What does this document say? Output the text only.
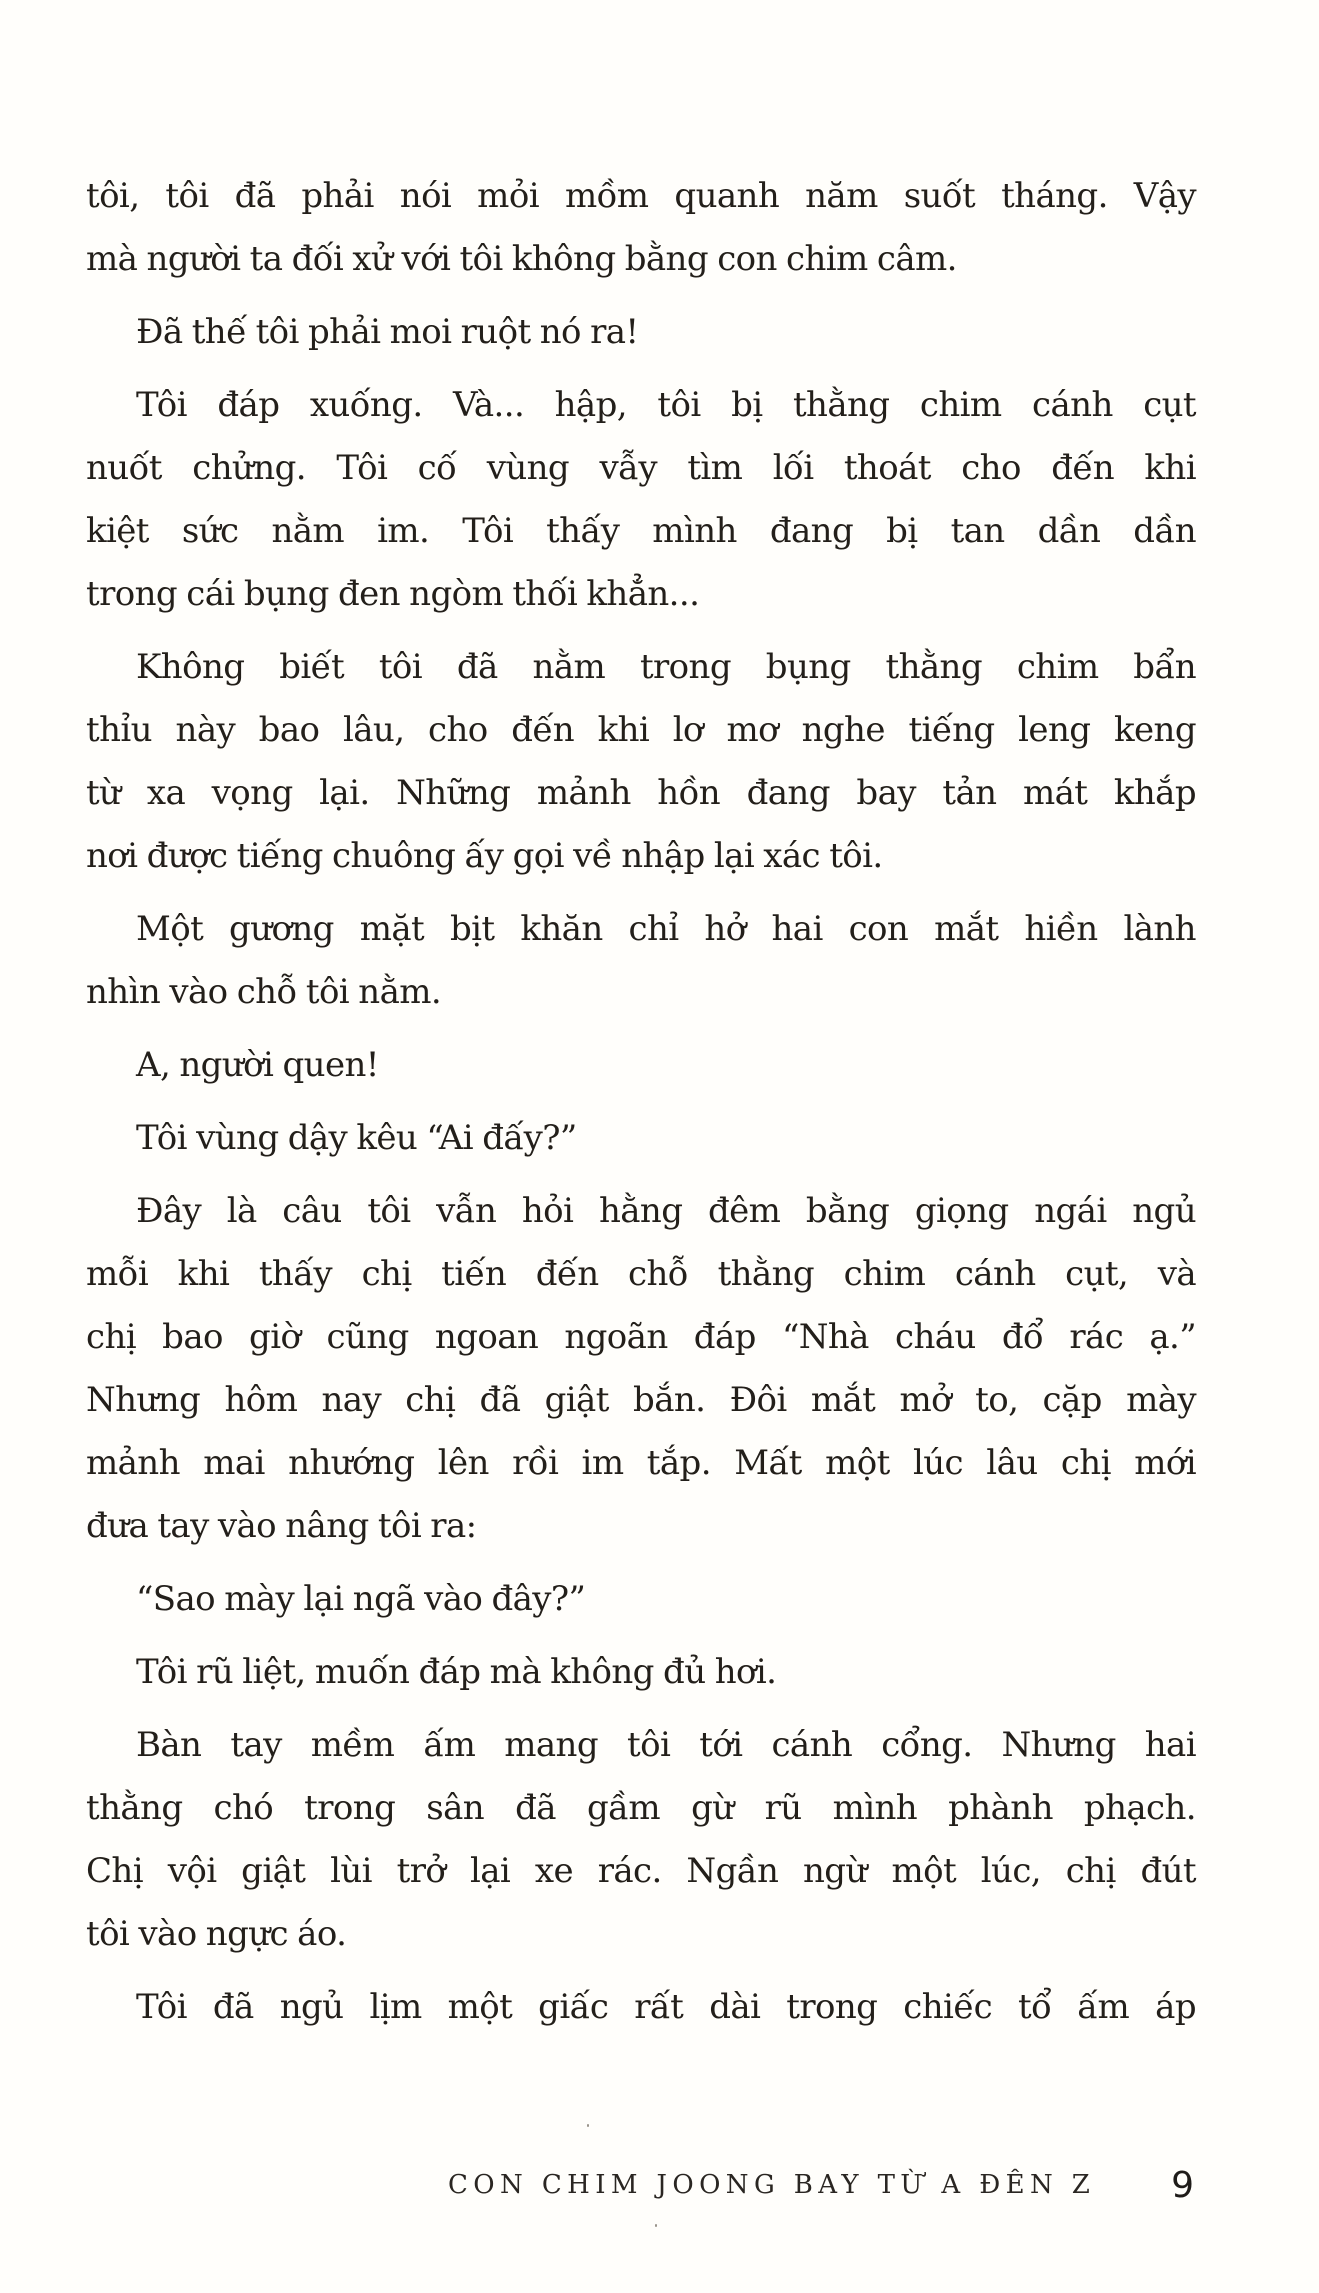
tôi, tôi đã phải nói mỏi mồm quanh năm suốt tháng. Vậy
mà người ta đối xử với tôi không bằng con chim câm.

Đã thế tôi phải moi ruột nó ra!

Tôi đáp xuống. Và... hập, tôi bị thằng chim cánh cụt
nuốt chửng. Tôi cố vùng vẫy tìm lối thoát cho đến khi
kiệt sức nằm im. Tôi thấy mình đang bị tan dần dần
trong cái bụng đen ngòm thối khẳn...

Không biết tôi đã nằm trong bụng thằng chim bẩn
thỉu này bao lâu, cho đến khi lơ mơ nghe tiếng leng keng
từ xa vọng lại. Những mảnh hồn đang bay tản mát khắp
nơi được tiếng chuông ấy gọi về nhập lại xác tôi.

Một gương mặt bịt khăn chỉ hở hai con mắt hiền lành
nhìn vào chỗ tôi nằm.

A, người quen!

Tôi vùng dậy kêu “Ai đấy?”

Đây là câu tôi vẫn hỏi hằng đêm bằng giọng ngái ngủ
mỗi khi thấy chị tiến đến chỗ thằng chim cánh cụt, và
chị bao giờ cũng ngoan ngoãn đáp “Nhà cháu đổ rác ạ.”
Nhưng hôm nay chị đã giật bắn. Đôi mắt mở to, cặp mày
mảnh mai nhướng lên rồi im tắp. Mất một lúc lâu chị mới
đưa tay vào nâng tôi ra:

“Sao mày lại ngã vào đây?”

Tôi rũ liệt, muốn đáp mà không đủ hơi.

Bàn tay mềm ấm mang tôi tới cánh cổng. Nhưng hai
thằng chó trong sân đã gầm gừ rũ mình phành phạch.
Chị vội giật lùi trở lại xe rác. Ngần ngừ một lúc, chị đút
tôi vào ngực áo.

Tôi đã ngủ lịm một giấc rất dài trong chiếc tổ ấm áp

CON CHIM JOONG BAY TỪ A ĐÊN Z 9
